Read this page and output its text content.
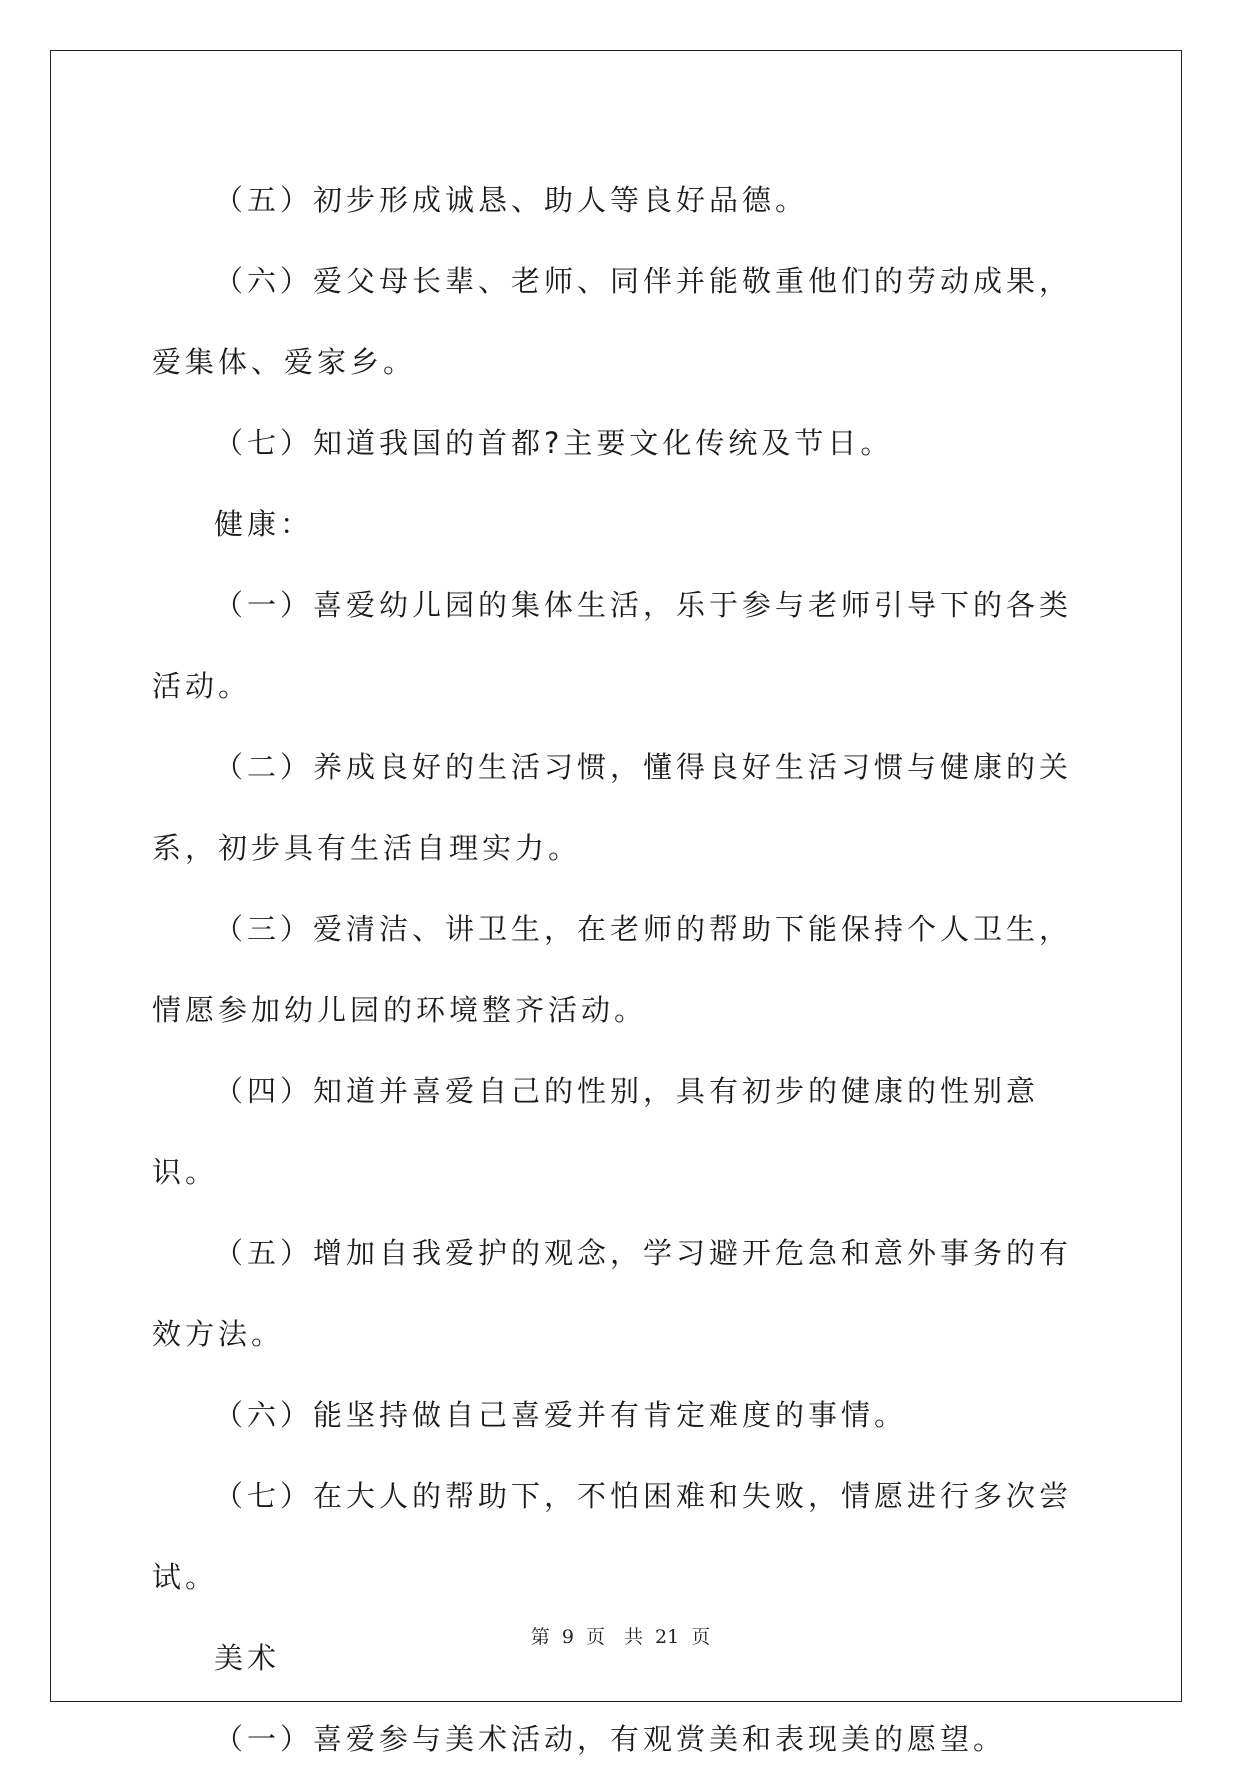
（五）初步形成诚恳、助人等良好品德。

（六）爱父母长辈、老师、同伴并能敬重他们的劳动成果，爱集体、爱家乡。

（七）知道我国的首都?主要文化传统及节日。

健康：

（一）喜爱幼儿园的集体生活，乐于参与老师引导下的各类活动。

（二）养成良好的生活习惯，懂得良好生活习惯与健康的关系，初步具有生活自理实力。

（三）爱清洁、讲卫生，在老师的帮助下能保持个人卫生，情愿参加幼儿园的环境整齐活动。

（四）知道并喜爱自己的性别，具有初步的健康的性别意识。

（五）增加自我爱护的观念，学习避开危急和意外事务的有效方法。

（六）能坚持做自己喜爱并有肯定难度的事情。

（七）在大人的帮助下，不怕困难和失败，情愿进行多次尝试。

美术

（一）喜爱参与美术活动，有观赏美和表现美的愿望。

第 9 页　共 21 页
